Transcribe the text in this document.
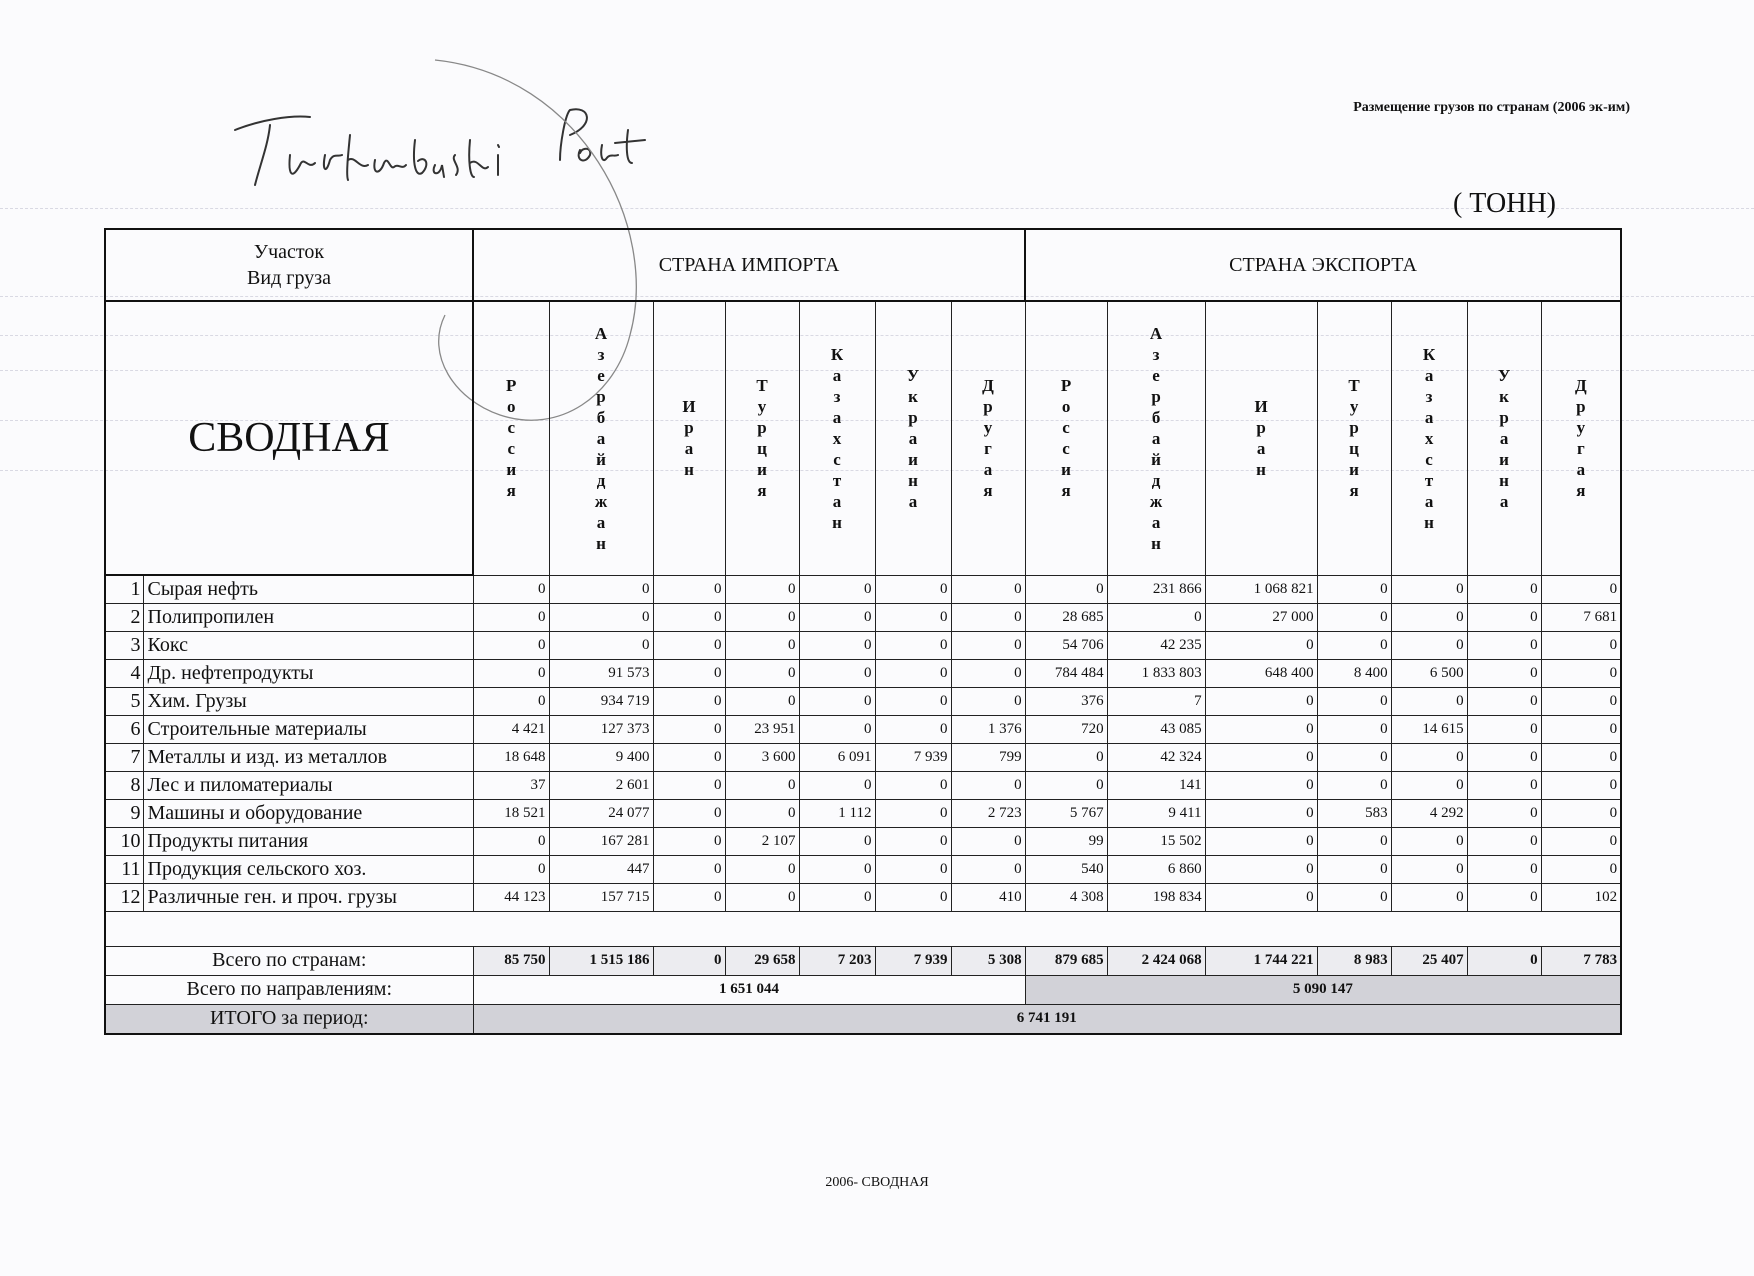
Размещение грузов по странам (2006 эк-им)
( ТОНН)
Участок
Вид груза		СТРАНА ИМПОРТА							СТРАНА ЭКСПОРТА						
СВОДНАЯ		Россия	Азербайджан	Иран	Турция	Казахстан	Украина	Другая	Россия	Азербайджан	Иран	Турция	Казахстан	Украина	Другая
1	Сырая нефть	0	0	0	0	0	0	0	0	231 866	1 068 821	0	0	0	0
2	Полипропилен	0	0	0	0	0	0	0	28 685	0	27 000	0	0	0	7 681
3	Кокс	0	0	0	0	0	0	0	54 706	42 235	0	0	0	0	0
4	Др. нефтепродукты	0	91 573	0	0	0	0	0	784 484	1 833 803	648 400	8 400	6 500	0	0
5	Хим. Грузы	0	934 719	0	0	0	0	0	376	7	0	0	0	0	0
6	Строительные материалы	4 421	127 373	0	23 951	0	0	1 376	720	43 085	0	0	14 615	0	0
7	Металлы и изд. из металлов	18 648	9 400	0	3 600	6 091	7 939	799	0	42 324	0	0	0	0	0
8	Лес и пиломатериалы	37	2 601	0	0	0	0	0	0	141	0	0	0	0	0
9	Машины и оборудование	18 521	24 077	0	0	1 112	0	2 723	5 767	9 411	0	583	4 292	0	0
10	Продукты питания	0	167 281	0	2 107	0	0	0	99	15 502	0	0	0	0	0
11	Продукция сельского хоз.	0	447	0	0	0	0	0	540	6 860	0	0	0	0	0
12	Различные ген. и проч. грузы	44 123	157 715	0	0	0	0	410	4 308	198 834	0	0	0	0	102

Всего по странам:		85 750	1 515 186	0	29 658	7 203	7 939	5 308	879 685	2 424 068	1 744 221	8 983	25 407	0	7 783
Всего по направлениям:		1 651 044							5 090 147						
ИТОГО за период:		6 741 191													
2006- СВОДНАЯ
